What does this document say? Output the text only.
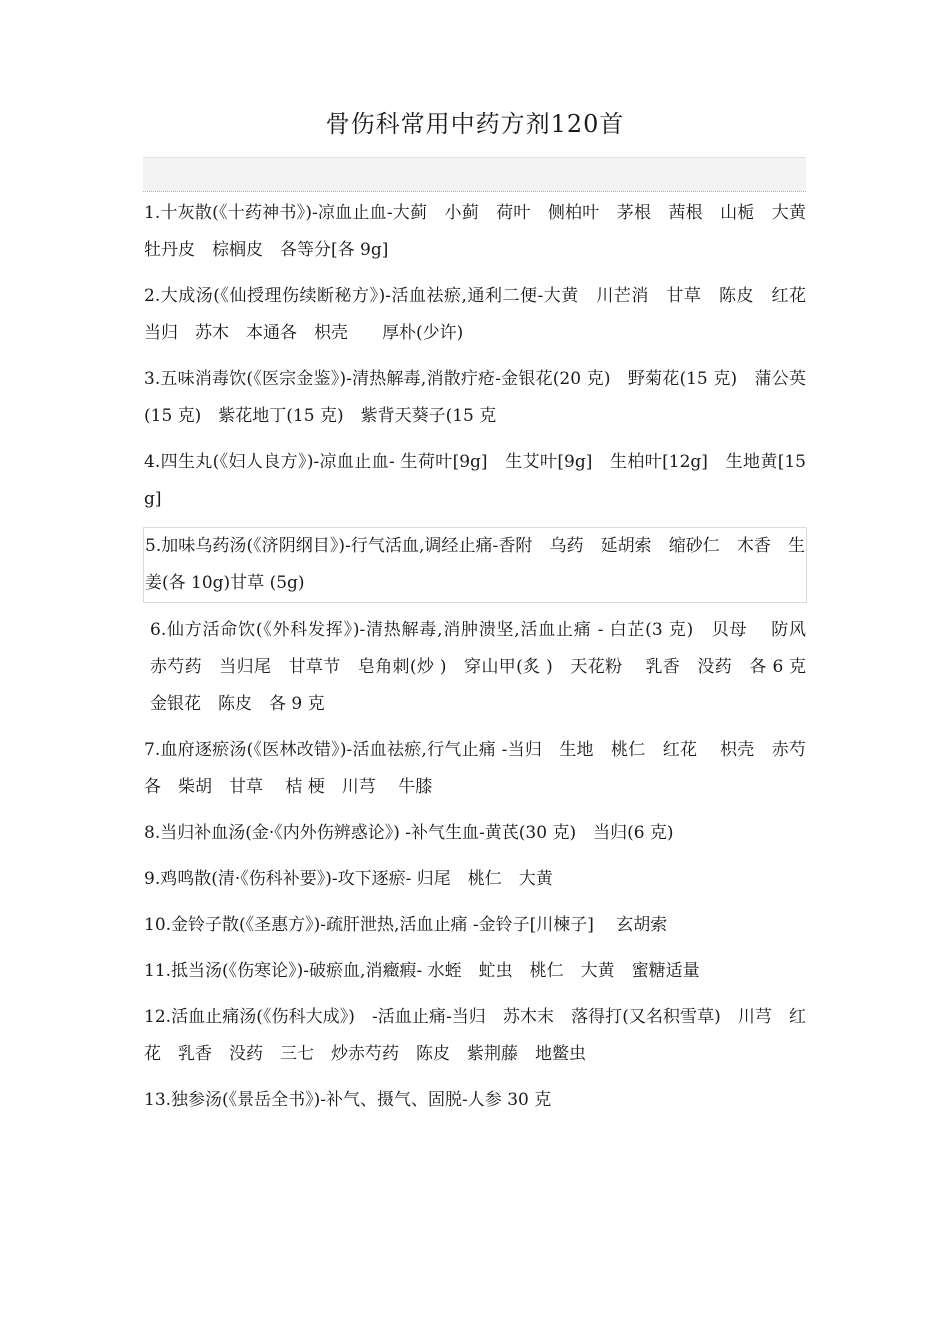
骨伤科常用中药方剂120首

1.十灰散(《十药神书》)-凉血止血-大蓟　小蓟　荷叶　侧柏叶　茅根　茜根　山栀　大黄　牡丹皮　棕榈皮　各等分[各 9g]

2.大成汤(《仙授理伤续断秘方》)-活血祛瘀,通利二便-大黄　川芒消　甘草　陈皮　红花　当归　苏木　本通各　枳壳　　厚朴(少许)

3.五味消毒饮(《医宗金鉴》)-清热解毒,消散疔疮-金银花(20 克)　野菊花(15 克)　蒲公英(15 克)　紫花地丁(15 克)　紫背天葵子(15 克

4.四生丸(《妇人良方》)-凉血止血- 生荷叶[9g]　生艾叶[9g]　生柏叶[12g]　生地黄[15g]

5.加味乌药汤(《济阴纲目》)-行气活血,调经止痛-香附　乌药　延胡索　缩砂仁　木香　生姜(各 10g)甘草 (5g)

6.仙方活命饮(《外科发挥》)-清热解毒,消肿溃坚,活血止痛 - 白芷(3 克)　贝母　 防风　赤芍药　当归尾　甘草节　皂角刺(炒 )　穿山甲(炙 )　天花粉　 乳香　没药　各 6 克　金银花　陈皮　各 9 克

7.血府逐瘀汤(《医林改错》)-活血祛瘀,行气止痛 -当归　生地　桃仁　红花　 枳壳　赤芍各　柴胡　甘草　 桔 梗　川芎　 牛膝

8.当归补血汤(金·《内外伤辨惑论》) -补气生血-黄芪(30 克)　当归(6 克)

9.鸡鸣散(清·《伤科补要》)-攻下逐瘀- 归尾　桃仁　大黄

10.金铃子散(《圣惠方》)-疏肝泄热,活血止痛 -金铃子[川楝子]　 玄胡索

11.抵当汤(《伤寒论》)-破瘀血,消癥瘕- 水蛭　虻虫　桃仁　大黄　蜜糖适量

12.活血止痛汤(《伤科大成》)　-活血止痛-当归　苏木末　落得打(又名积雪草)　川芎　红花　乳香　没药　三七　炒赤芍药　陈皮　紫荆藤　地鳖虫

13.独参汤(《景岳全书》)-补气、摄气、固脱-人参 30 克
